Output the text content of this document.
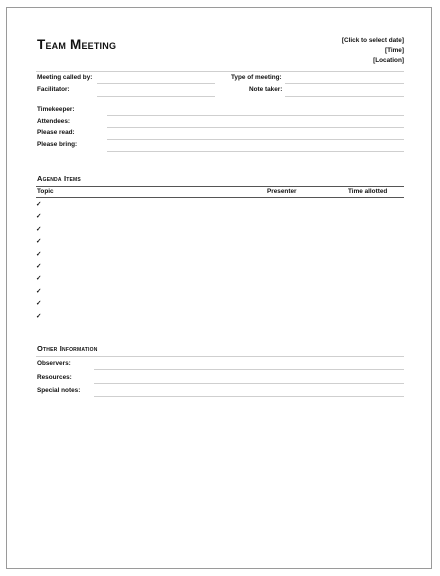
Team Meeting	[Click to select date]
[Time]
[Location]
Meeting called by:	Type of meeting:
Facilitator:	Note taker:
Timekeeper:
Attendees:
Please read:
Please bring:
Agenda Items
Topic	Presenter	Time allotted
✓
✓
✓
✓
✓
✓
✓
✓
✓
✓
Other Information
Observers:
Resources:
Special notes:
